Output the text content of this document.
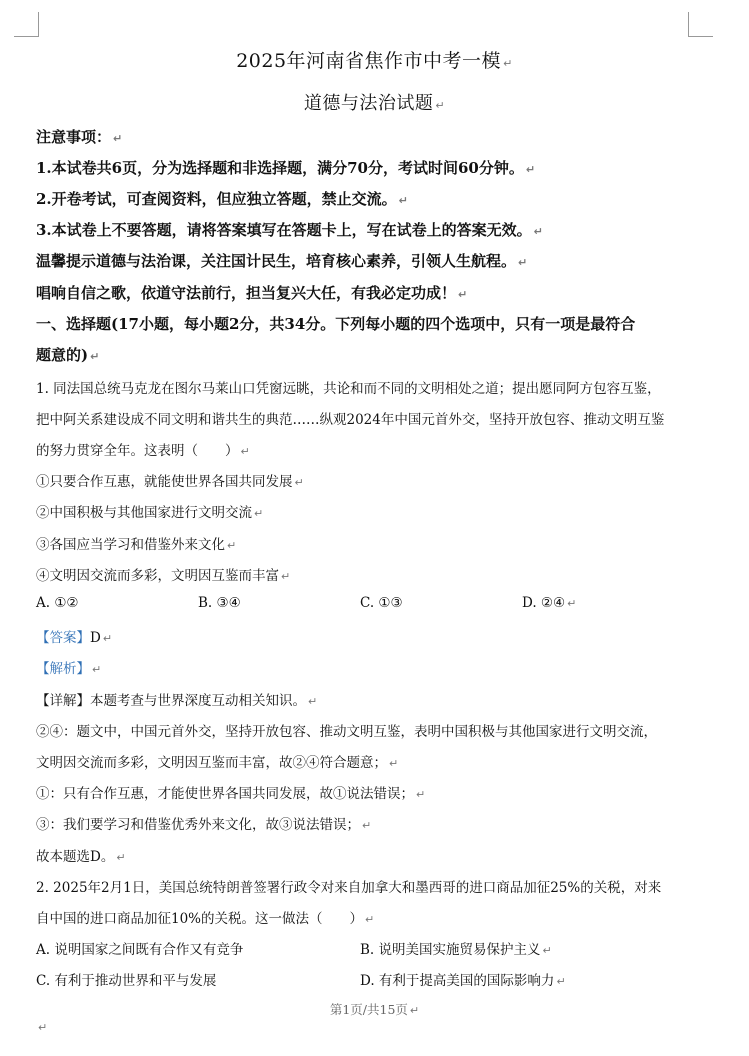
2025年河南省焦作市中考一模 ↵
道德与法治试题 ↵
注意事项： ↵
1.本试卷共6页，分为选择题和非选择题，满分70分，考试时间60分钟。 ↵
2.开卷考试，可查阅资料，但应独立答题，禁止交流。 ↵
3.本试卷上不要答题，请将答案填写在答题卡上，写在试卷上的答案无效。 ↵
温馨提示道德与法治课，关注国计民生，培育核心素养，引领人生航程。 ↵
唱响自信之歌，依道守法前行，担当复兴大任，有我必定功成！ ↵
一、选择题(17小题，每小题2分，共34分。下列每小题的四个选项中，只有一项是最符合
题意的) ↵
1. 同法国总统马克龙在图尔马莱山口凭窗远眺，共论和而不同的文明相处之道；提出愿同阿方包容互鉴，
把中阿关系建设成不同文明和谐共生的典范……纵观2024年中国元首外交，坚持开放包容、推动文明互鉴
的努力贯穿全年。这表明（　　） ↵
①只要合作互惠，就能使世界各国共同发展 ↵
②中国积极与其他国家进行文明交流 ↵
③各国应当学习和借鉴外来文化 ↵
④文明因交流而多彩，文明因互鉴而丰富 ↵
A. ①②	B. ③④	C. ①③	D. ②④ ↵
【答案】D ↵
【解析】 ↵
【详解】本题考查与世界深度互动相关知识。 ↵
②④：题文中，中国元首外交，坚持开放包容、推动文明互鉴，表明中国积极与其他国家进行文明交流，
文明因交流而多彩，文明因互鉴而丰富，故②④符合题意； ↵
①：只有合作互惠，才能使世界各国共同发展，故①说法错误； ↵
③：我们要学习和借鉴优秀外来文化，故③说法错误； ↵
故本题选D。 ↵
2. 2025年2月1日，美国总统特朗普签署行政令对来自加拿大和墨西哥的进口商品加征25%的关税，对来
自中国的进口商品加征10%的关税。这一做法（　　） ↵
A. 说明国家之间既有合作又有竞争	B. 说明美国实施贸易保护主义 ↵
C. 有利于推动世界和平与发展	D. 有利于提高美国的国际影响力 ↵
第1页/共15页 ↵
↵
